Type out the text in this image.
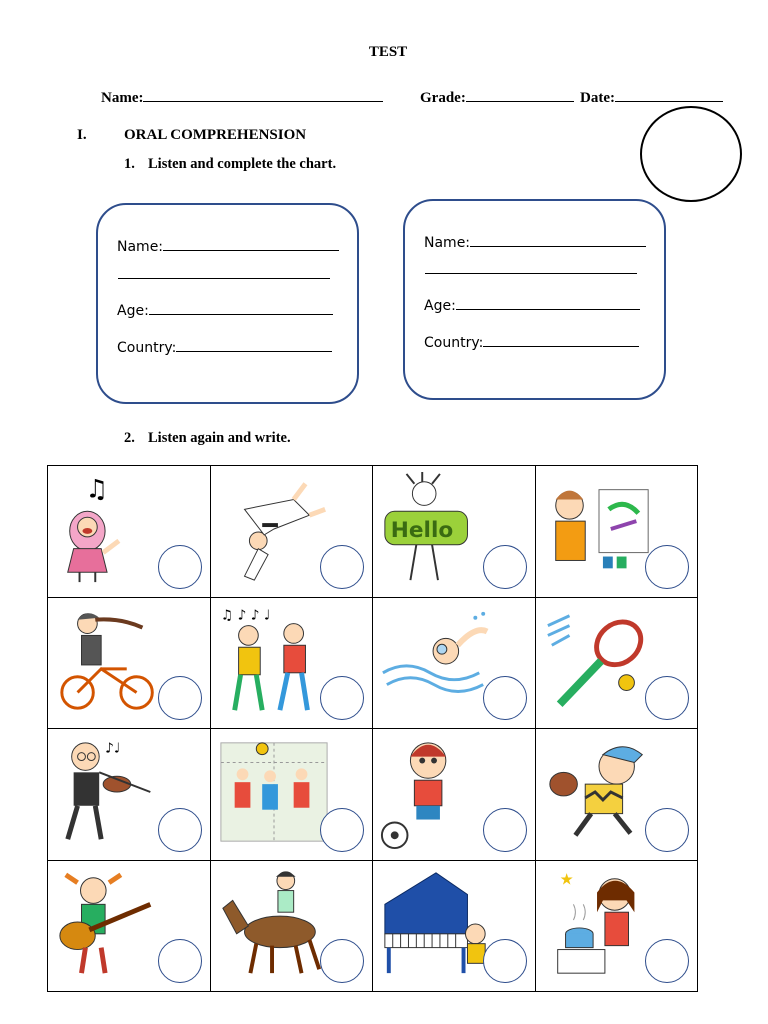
TEST
Name:	Grade:	Date:
I. ORAL COMPREHENSION
1. Listen and complete the chart.
Name:
Age:
Country:
Name:
Age:
Country:
2. Listen again and write.
♫		Hello

♫ ♪ ♪ ♩

♪♩

★
